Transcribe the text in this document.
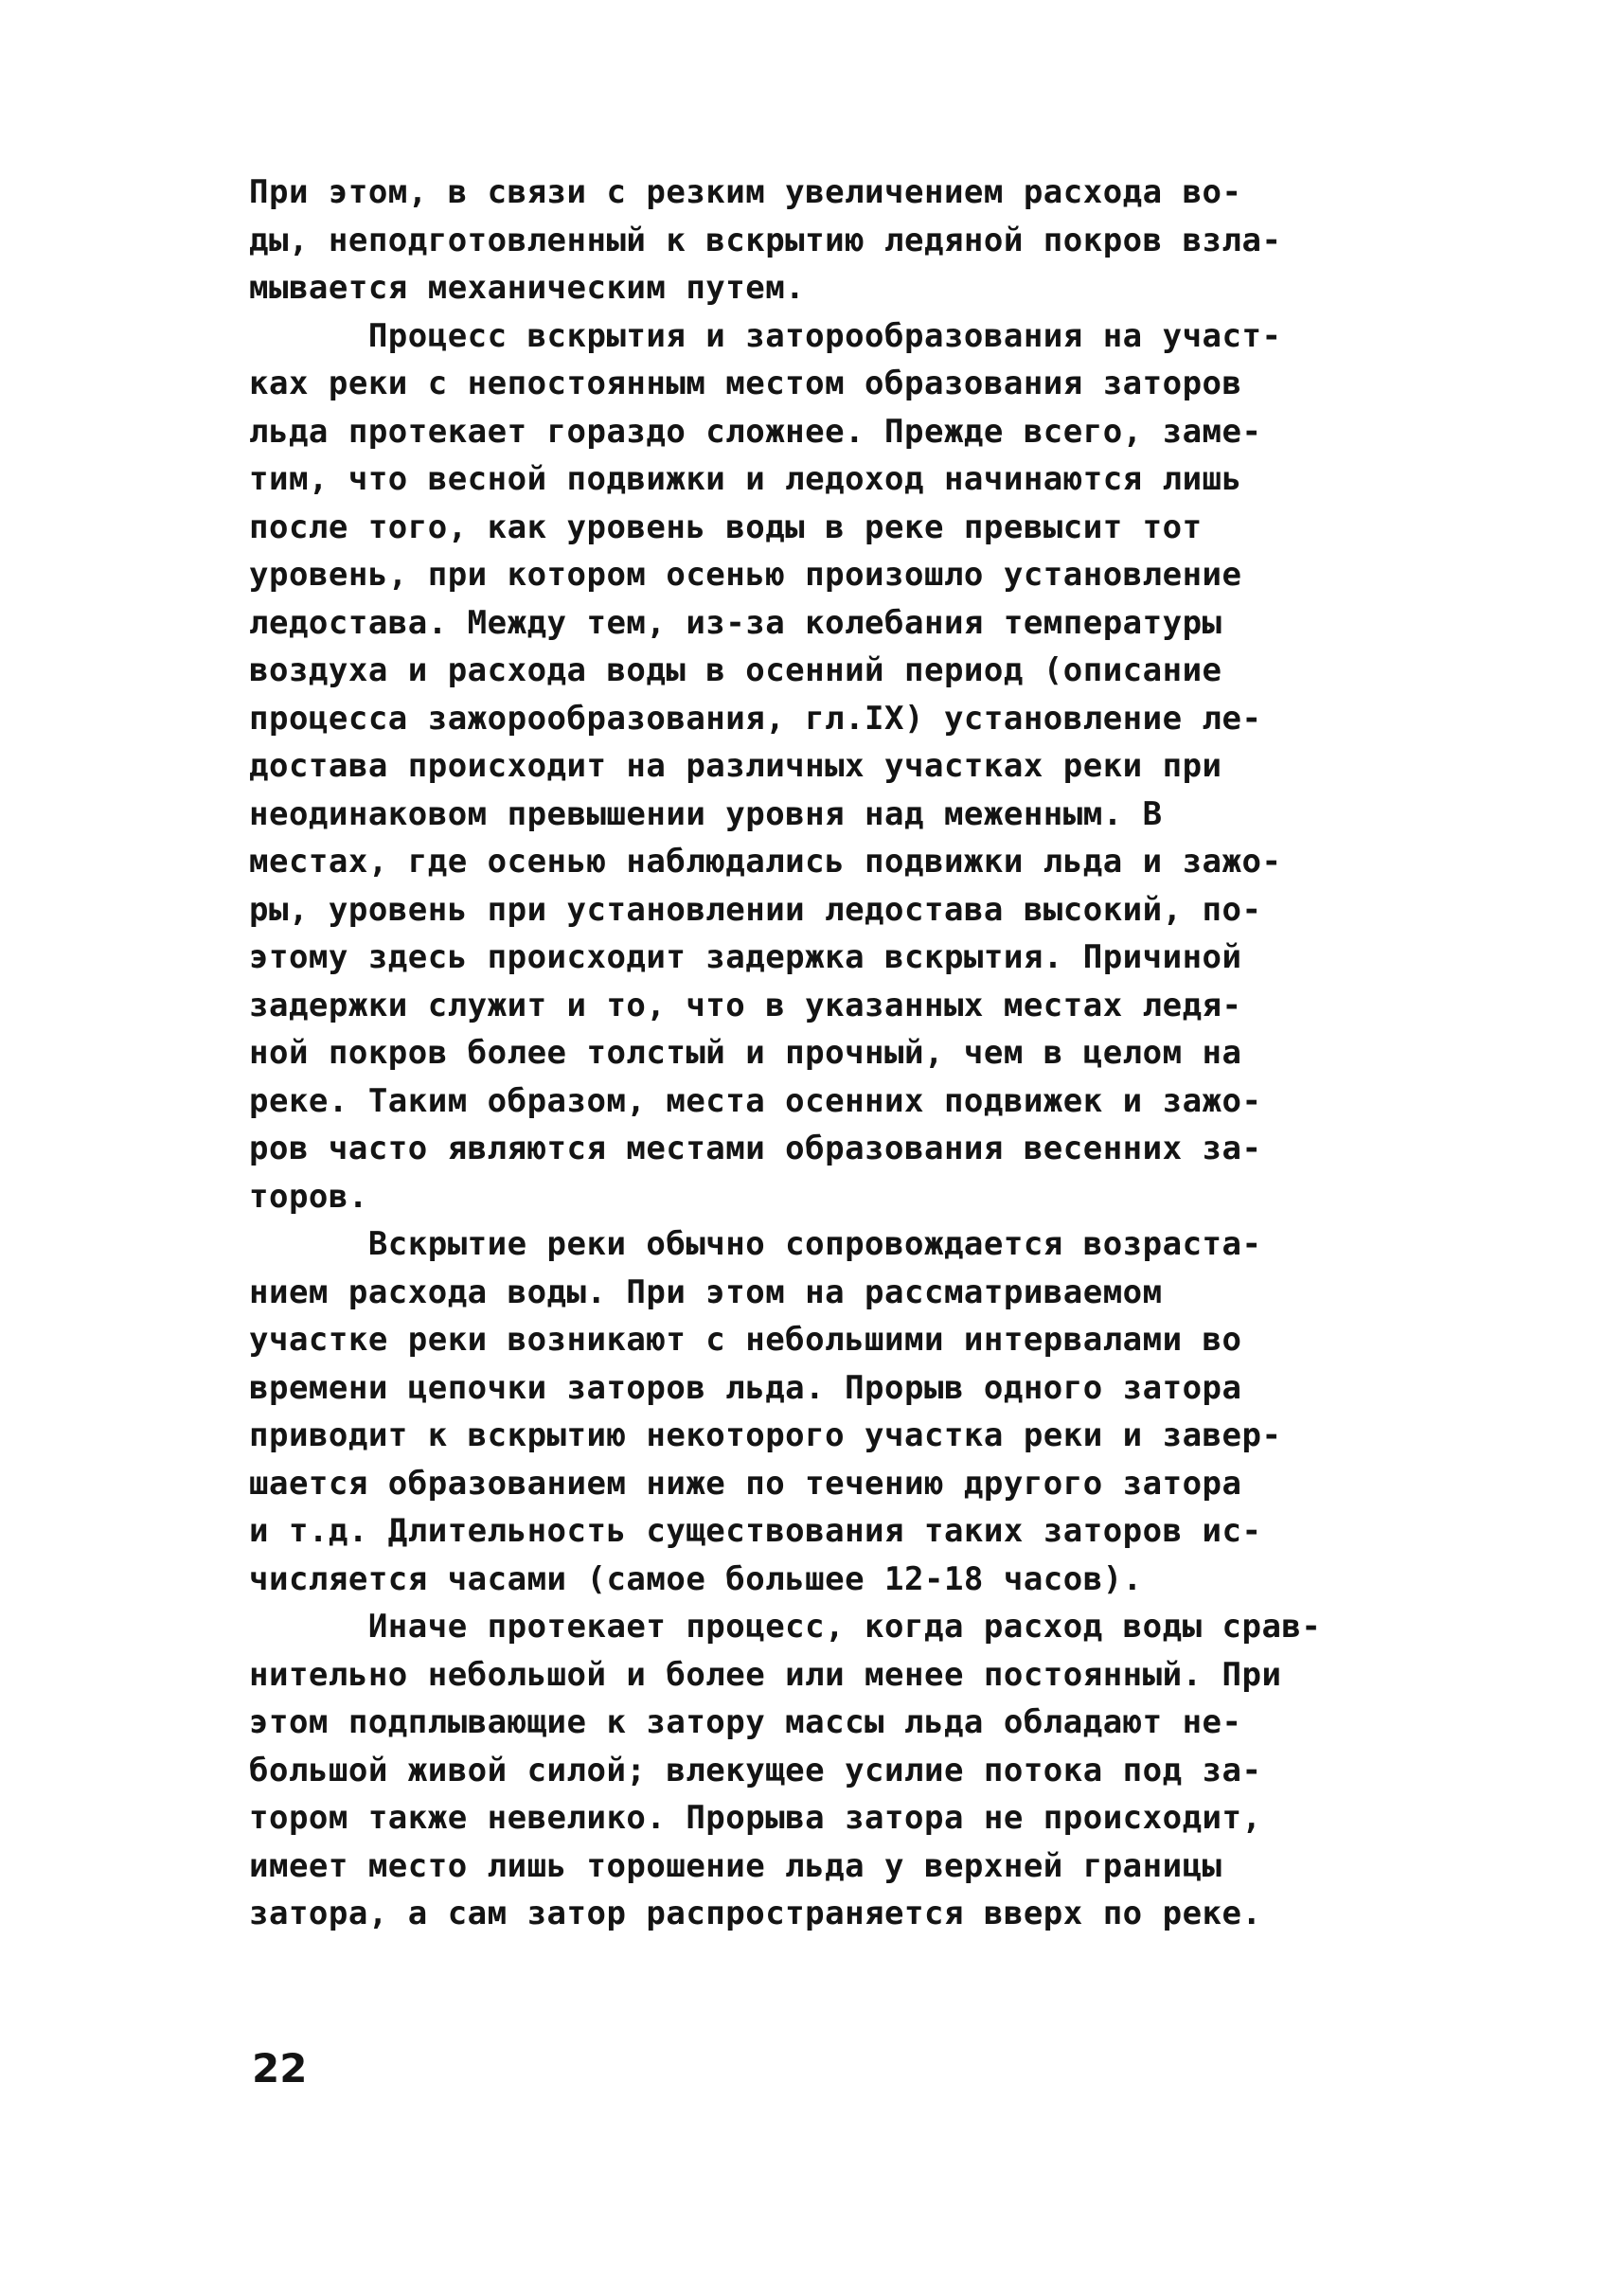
При этом, в связи с резким увеличением расхода во-
ды, неподготовленный к вскрытию ледяной покров взла-
мывается механическим путем.
Процесс вскрытия и заторообразования на участ-
ках реки с непостоянным местом образования заторов
льда протекает гораздо сложнее. Прежде всего, заме-
тим, что весной подвижки и ледоход начинаются лишь
после того, как уровень воды в реке превысит тот
уровень, при котором осенью произошло установление
ледостава. Между тем, из-за колебания температуры
воздуха и расхода воды в осенний период (описание
процесса зажорообразования, гл.IX) установление ле-
достава происходит на различных участках реки при
неодинаковом превышении уровня над меженным. В
местах, где осенью наблюдались подвижки льда и зажо-
ры, уровень при установлении ледостава высокий, по-
этому здесь происходит задержка вскрытия. Причиной
задержки служит и то, что в указанных местах ледя-
ной покров более толстый и прочный, чем в целом на
реке. Таким образом, места осенних подвижек и зажо-
ров часто являются местами образования весенних за-
торов.
Вскрытие реки обычно сопровождается возраста-
нием расхода воды. При этом на рассматриваемом
участке реки возникают с небольшими интервалами во
времени цепочки заторов льда. Прорыв одного затора
приводит к вскрытию некоторого участка реки и завер-
шается образованием ниже по течению другого затора
и т.д. Длительность существования таких заторов ис-
числяется часами (самое большее 12-18 часов).
Иначе протекает процесс, когда расход воды срав-
нительно небольшой и более или менее постоянный. При
этом подплывающие к затору массы льда обладают не-
большой живой силой; влекущее усилие потока под за-
тором также невелико. Прорыва затора не происходит,
имеет место лишь торошение льда у верхней границы
затора, а сам затор распространяется вверх по реке.
22
